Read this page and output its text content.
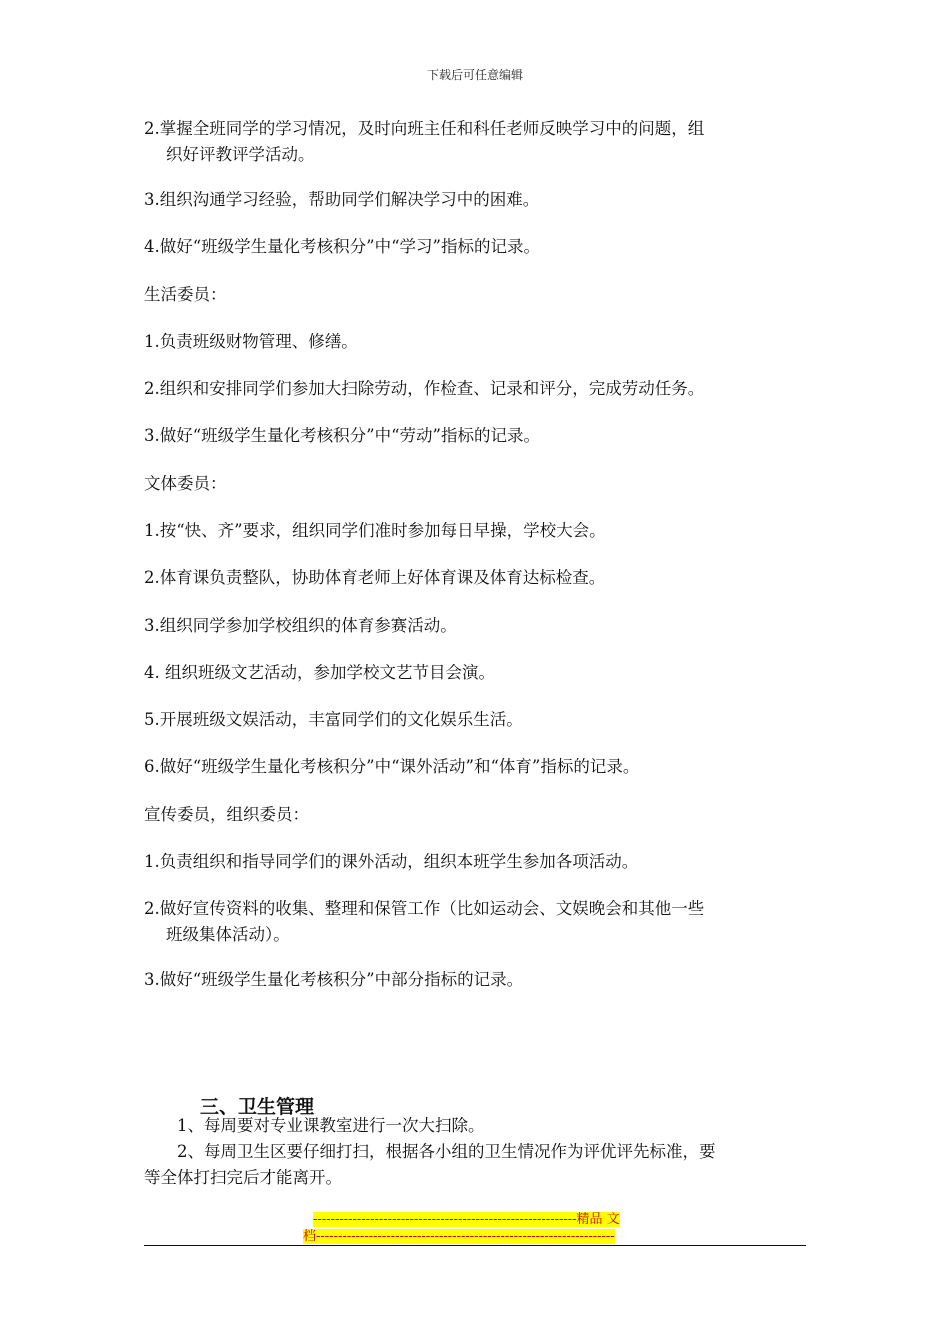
下载后可任意编辑
2.掌握全班同学的学习情况，及时向班主任和科任老师反映学习中的问题，组
织好评教评学活动。
3.组织沟通学习经验，帮助同学们解决学习中的困难。
4.做好“班级学生量化考核积分”中“学习”指标的记录。
生活委员：
1.负责班级财物管理、修缮。
2.组织和安排同学们参加大扫除劳动，作检查、记录和评分，完成劳动任务。
3.做好“班级学生量化考核积分”中“劳动”指标的记录。
文体委员：
1.按“快、齐”要求，组织同学们准时参加每日早操，学校大会。
2.体育课负责整队，协助体育老师上好体育课及体育达标检查。
3.组织同学参加学校组织的体育参赛活动。
4. 组织班级文艺活动，参加学校文艺节目会演。
5.开展班级文娱活动，丰富同学们的文化娱乐生活。
6.做好“班级学生量化考核积分”中“课外活动”和“体育”指标的记录。
宣传委员，组织委员：
1.负责组织和指导同学们的课外活动，组织本班学生参加各项活动。
2.做好宣传资料的收集、整理和保管工作（比如运动会、文娱晚会和其他一些
班级集体活动）。
3.做好“班级学生量化考核积分”中部分指标的记录。
三、卫生管理
1、每周要对专业课教室进行一次大扫除。
2、每周卫生区要仔细打扫，根据各小组的卫生情况作为评优评先标准，要
等全体打扫完后才能离开。
------------------------------------------------------------精品 文
档--------------------------------------------------------------------
